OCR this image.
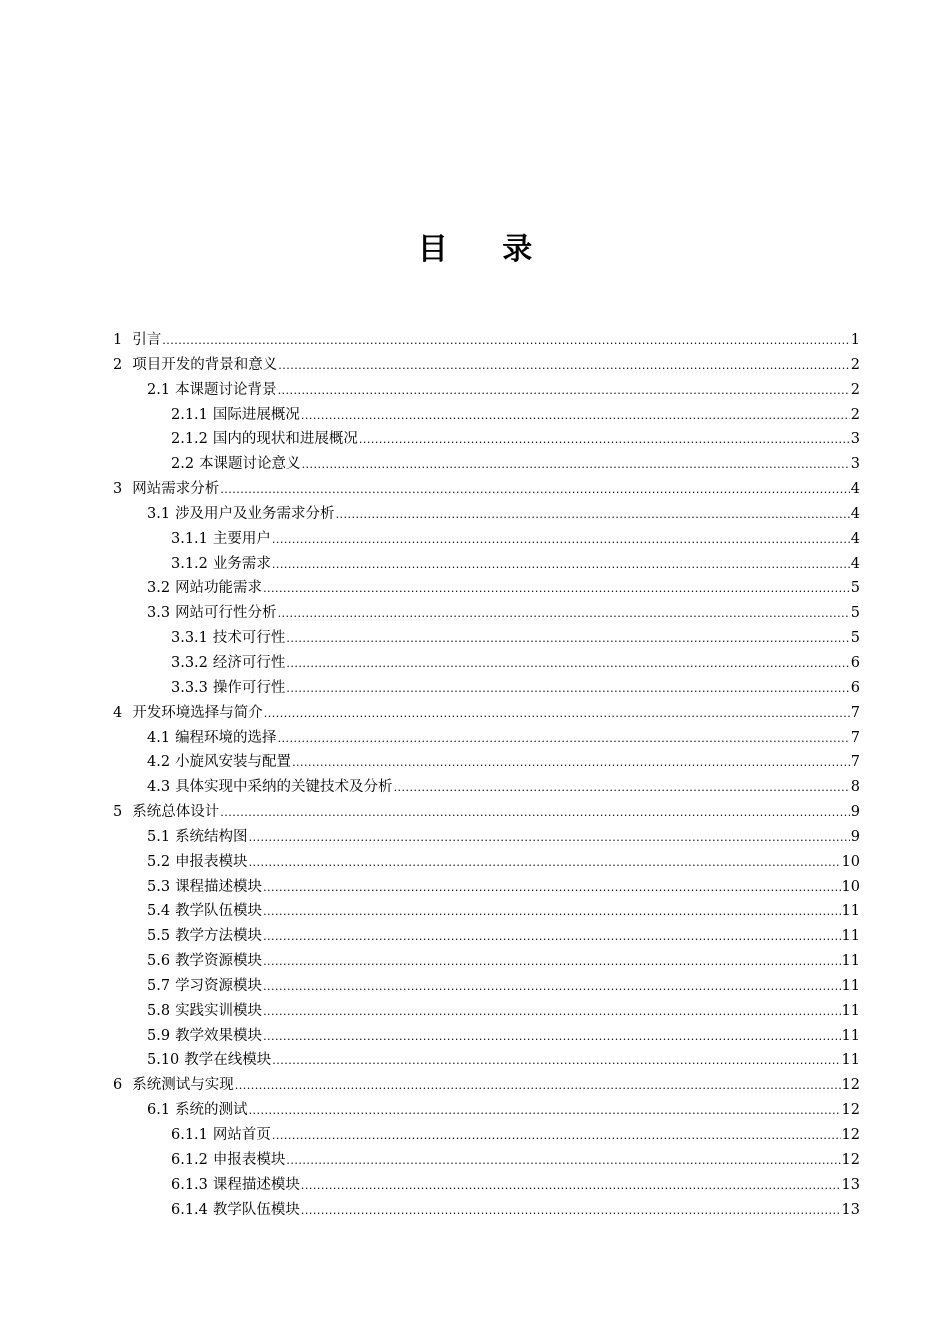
目 录
1 引言 .....	1
2 项目开发的背景和意义 .....	2
2.1 本课题讨论背景 .....	2
2.1.1 国际进展概况 .....	2
2.1.2 国内的现状和进展概况 .....	3
2.2 本课题讨论意义 .....	3
3 网站需求分析 .....	4
3.1 涉及用户及业务需求分析 .....	4
3.1.1 主要用户 .....	4
3.1.2 业务需求 .....	4
3.2 网站功能需求 .....	5
3.3 网站可行性分析 .....	5
3.3.1 技术可行性 .....	5
3.3.2 经济可行性 .....	6
3.3.3 操作可行性 .....	6
4 开发环境选择与简介 .....	7
4.1 编程环境的选择 .....	7
4.2 小旋风安装与配置 .....	7
4.3 具体实现中采纳的关键技术及分析 .....	8
5 系统总体设计 .....	9
5.1 系统结构图 .....	9
5.2 申报表模块 .....	10
5.3 课程描述模块 .....	10
5.4 教学队伍模块 .....	11
5.5 教学方法模块 .....	11
5.6 教学资源模块 .....	11
5.7 学习资源模块 .....	11
5.8 实践实训模块 .....	11
5.9 教学效果模块 .....	11
5.10 教学在线模块 .....	11
6 系统测试与实现 .....	12
6.1 系统的测试 .....	12
6.1.1 网站首页 .....	12
6.1.2 申报表模块 .....	12
6.1.3 课程描述模块 .....	13
6.1.4 教学队伍模块 .....	13
